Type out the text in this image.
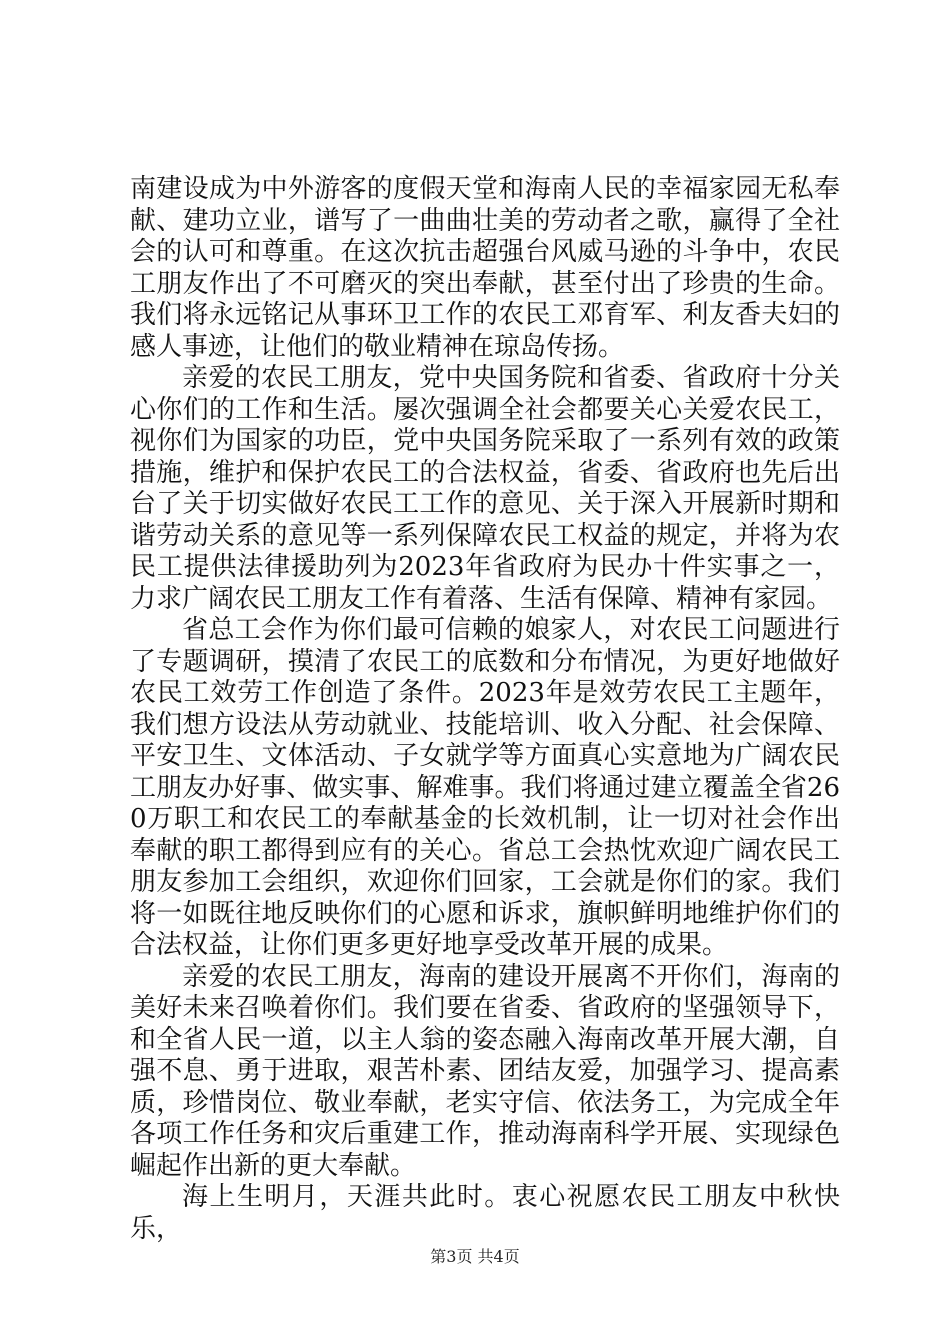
南建设成为中外游客的度假天堂和海南人民的幸福家园无私奉献、建功立业，谱写了一曲曲壮美的劳动者之歌，赢得了全社会的认可和尊重。在这次抗击超强台风威马逊的斗争中，农民工朋友作出了不可磨灭的突出奉献，甚至付出了珍贵的生命。我们将永远铭记从事环卫工作的农民工邓育军、利友香夫妇的感人事迹，让他们的敬业精神在琼岛传扬。

亲爱的农民工朋友，党中央国务院和省委、省政府十分关心你们的工作和生活。屡次强调全社会都要关心关爱农民工，视你们为国家的功臣，党中央国务院采取了一系列有效的政策措施，维护和保护农民工的合法权益，省委、省政府也先后出台了关于切实做好农民工工作的意见、关于深入开展新时期和谐劳动关系的意见等一系列保障农民工权益的规定，并将为农民工提供法律援助列为2023年省政府为民办十件实事之一，力求广阔农民工朋友工作有着落、生活有保障、精神有家园。

省总工会作为你们最可信赖的娘家人，对农民工问题进行了专题调研，摸清了农民工的底数和分布情况，为更好地做好农民工效劳工作创造了条件。2023年是效劳农民工主题年，我们想方设法从劳动就业、技能培训、收入分配、社会保障、平安卫生、文体活动、子女就学等方面真心实意地为广阔农民工朋友办好事、做实事、解难事。我们将通过建立覆盖全省260万职工和农民工的奉献基金的长效机制，让一切对社会作出奉献的职工都得到应有的关心。省总工会热忱欢迎广阔农民工朋友参加工会组织，欢迎你们回家，工会就是你们的家。我们将一如既往地反映你们的心愿和诉求，旗帜鲜明地维护你们的合法权益，让你们更多更好地享受改革开展的成果。

亲爱的农民工朋友，海南的建设开展离不开你们，海南的美好未来召唤着你们。我们要在省委、省政府的坚强领导下，和全省人民一道，以主人翁的姿态融入海南改革开展大潮，自强不息、勇于进取，艰苦朴素、团结友爱，加强学习、提高素质，珍惜岗位、敬业奉献，老实守信、依法务工，为完成全年各项工作任务和灾后重建工作，推动海南科学开展、实现绿色崛起作出新的更大奉献。

海上生明月，天涯共此时。衷心祝愿农民工朋友中秋快乐，

第3页 共4页
